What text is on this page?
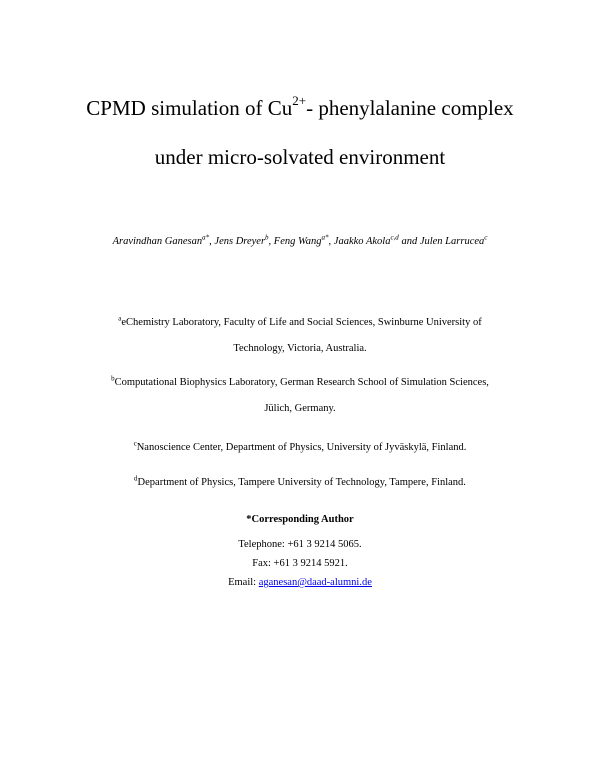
CPMD simulation of $Cu^{2+}-$ phenylalanine complex
under micro-solvated environment
Aravindhan Ganesan$^{a*}$, Jens Dreyer$^b$, Feng Wang$^{a*}$, Jaakko Akola$^{c,d}$ and Julen Larrucea$^c$
$^a$eChemistry Laboratory, Faculty of Life and Social Sciences, Swinburne University of
Technology, Victoria, Australia.
$^b$Computational Biophysics Laboratory, German Research School of Simulation Sciences,
Jülich, Germany.
$^c$Nanoscience Center, Department of Physics, University of Jyväskylä, Finland.
$^d$Department of Physics, Tampere University of Technology, Tampere, Finland.
*Corresponding Author
Telephone: +61 3 9214 5065.
Fax: +61 3 9214 5921.
Email: aganesan@daad-alumni.de
